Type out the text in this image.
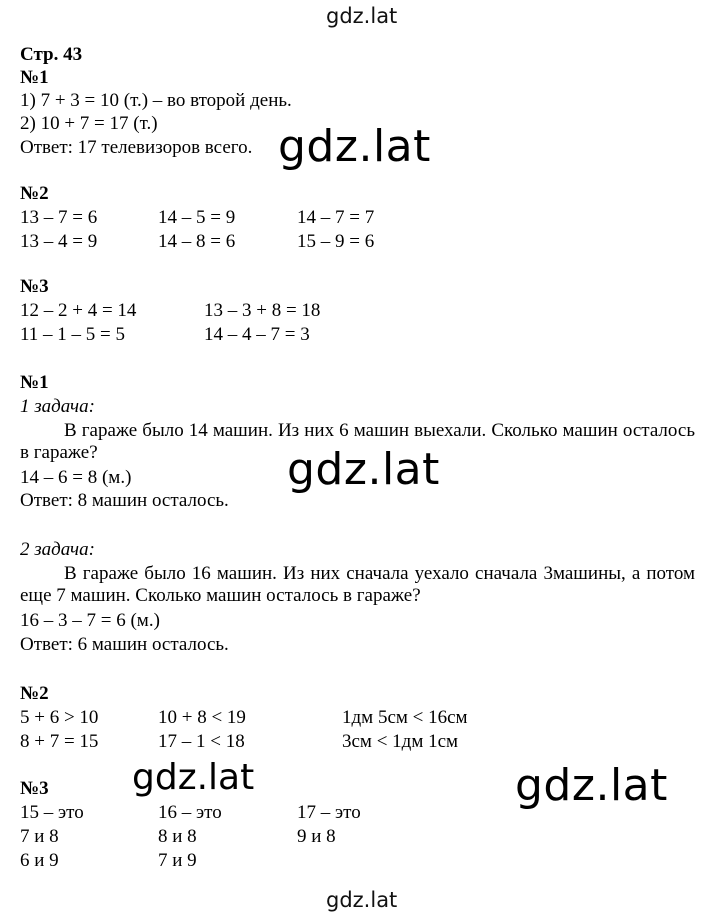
gdz.lat
Стр. 43
№1
1) 7 + 3 = 10 (т.) – во второй день.
2) 10 + 7 = 17 (т.)
Ответ: 17 телевизоров всего. gdz.lat
№2
13 – 7 = 6	14 – 5 = 9	14 – 7 = 7
13 – 4 = 9	14 – 8 = 6	15 – 9 = 6
№3
12 – 2 + 4 = 14	13 – 3 + 8 = 18
11 – 1 – 5 = 5	14 – 4 – 7 = 3
№1
1 задача:
В гараже было 14 машин. Из них 6 машин выехали. Сколько машин осталось в гараже?
14 – 6 = 8 (м.)
Ответ: 8 машин осталось.
gdz.lat
2 задача:
В гараже было 16 машин. Из них сначала уехало сначала 3машины, а потом еще 7 машин. Сколько машин осталось в гараже?
16 – 3 – 7 = 6 (м.)
Ответ: 6 машин осталось.
№2
5 + 6 > 10	10 + 8 < 19	1дм 5см < 16см
8 + 7 = 15	17 – 1 < 18	3см < 1дм 1см
gdz.lat	gdz.lat
№3
15 – это	16 – это	17 – это
7 и 8	8 и 8	9 и 8
6 и 9	7 и 9
gdz.lat
